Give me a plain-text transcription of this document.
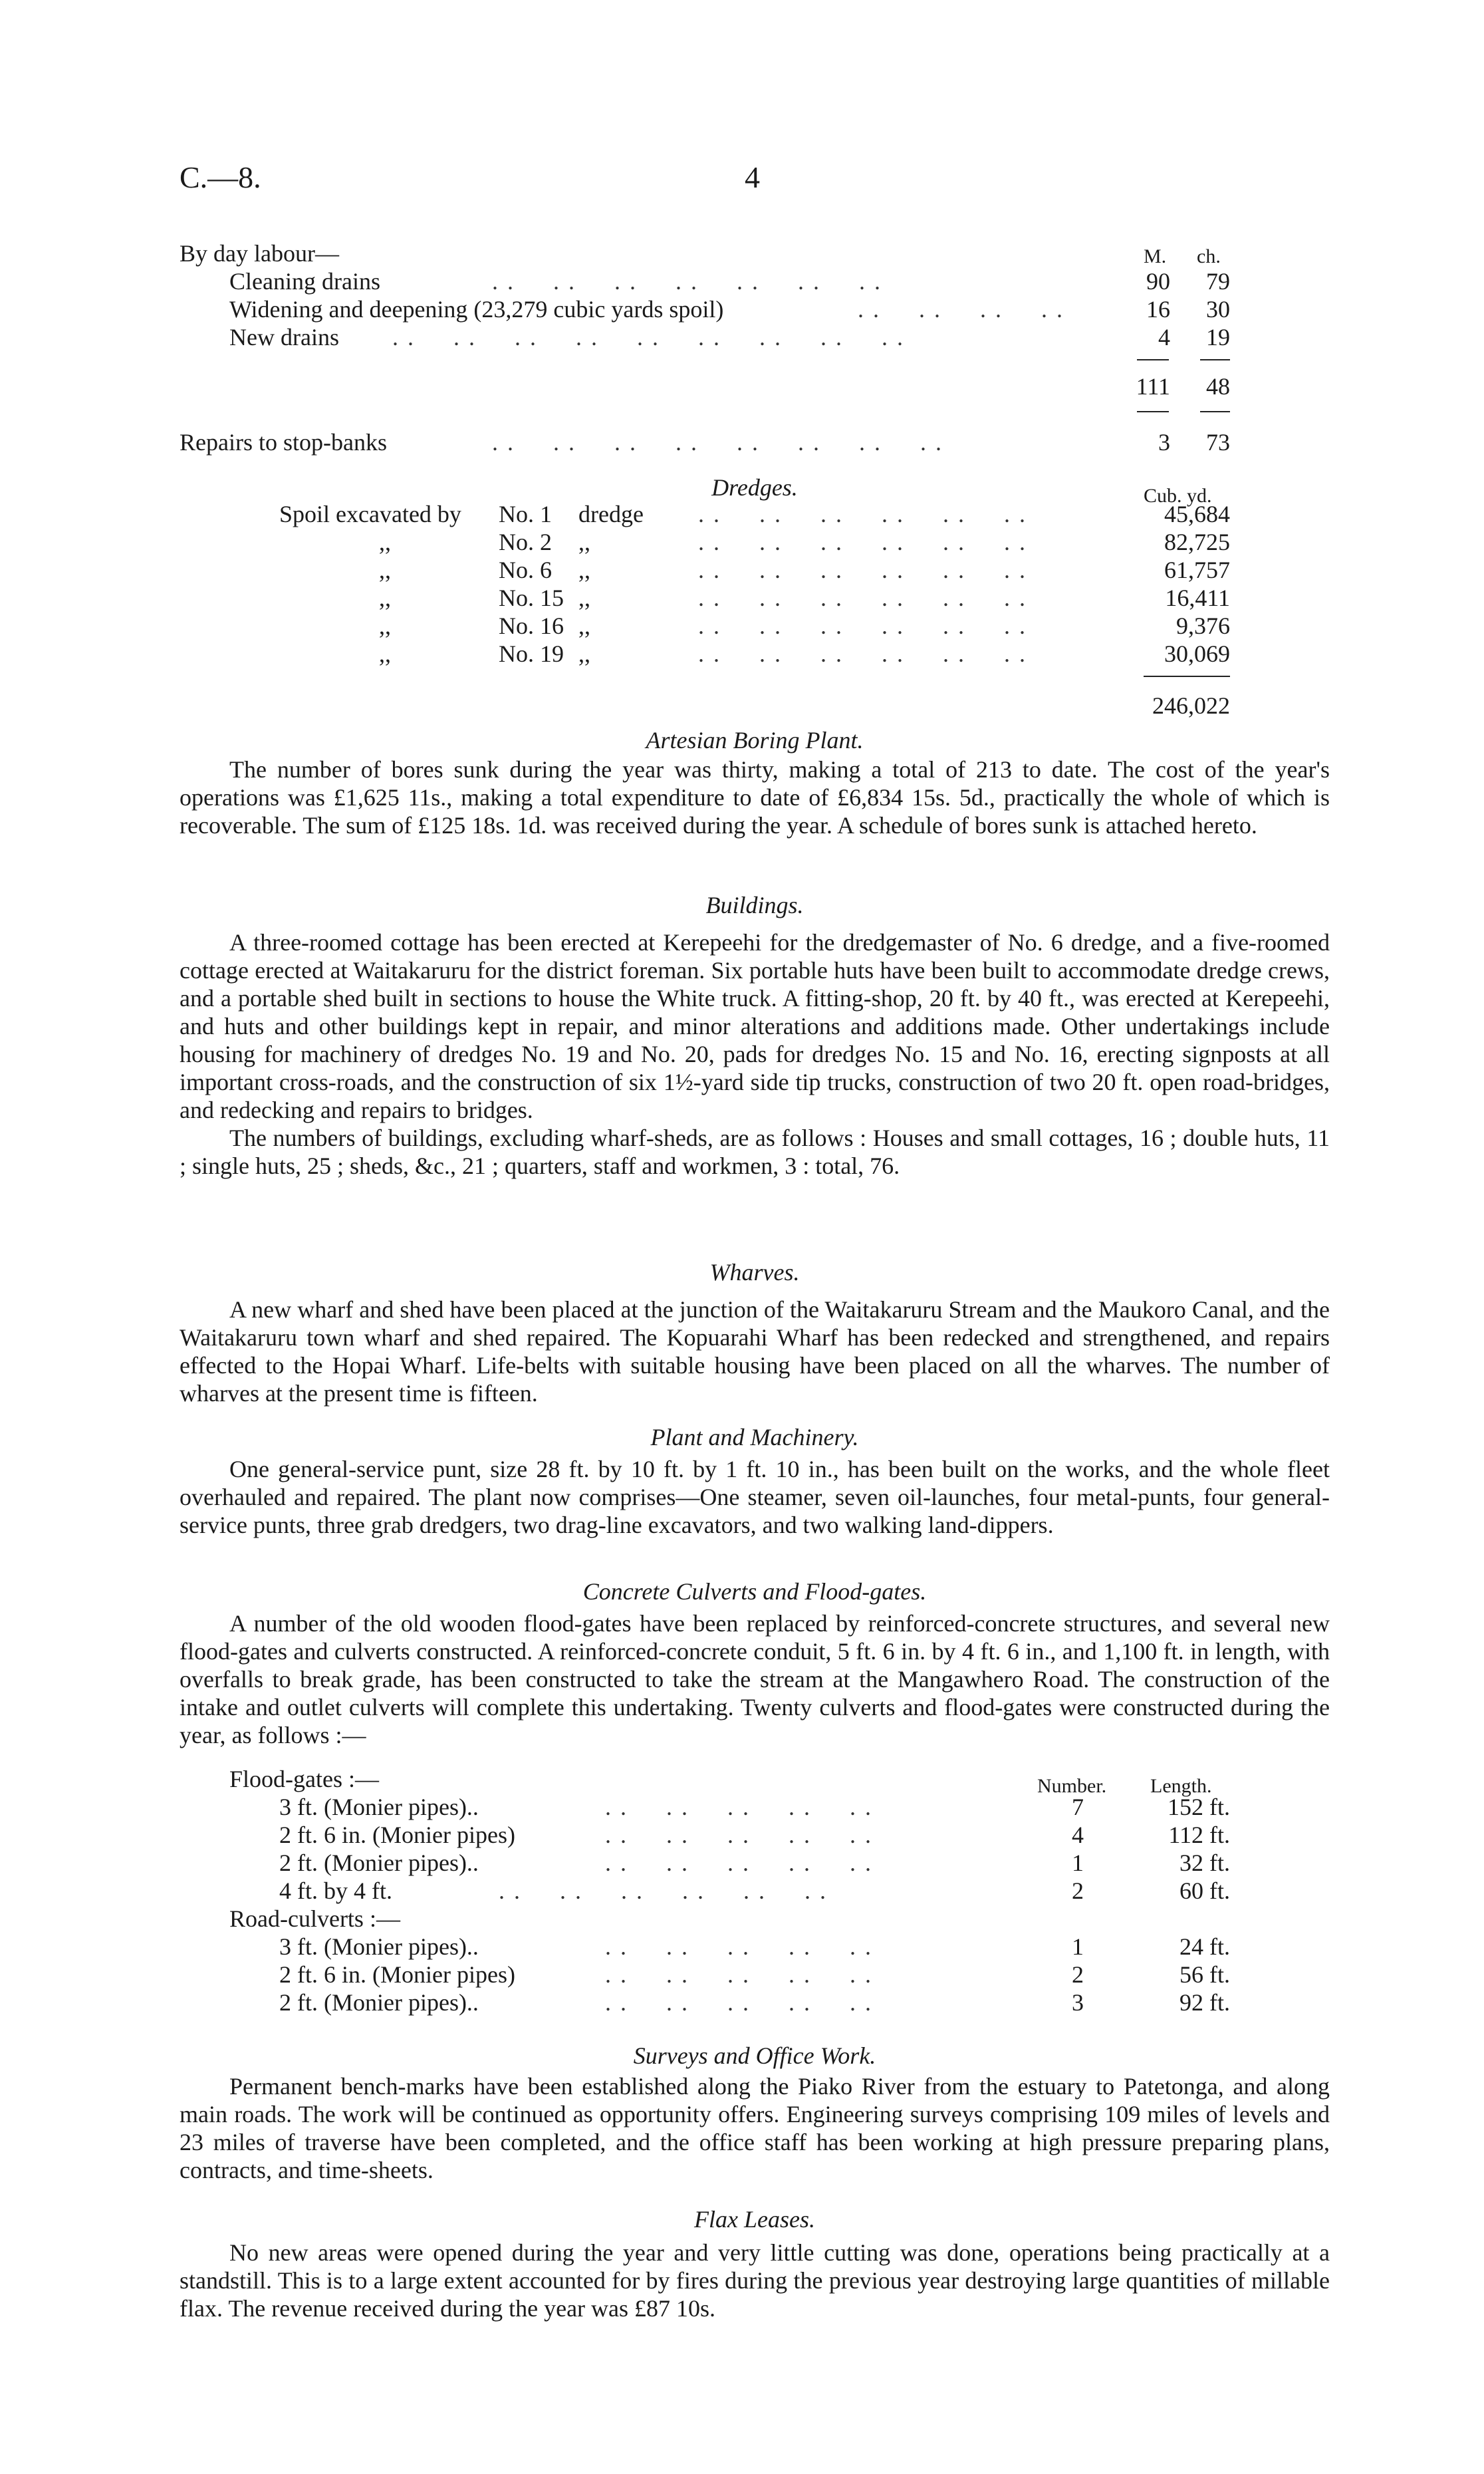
C.—8.	4
By day labour—	M. ch.
Cleaning drains	..  ..  ..  ..  ..  ..  ..	90	79
Widening and deepening (23,279 cubic yards spoil)	..  ..  ..  ..	16	30
New drains ..  ..  ..  ..  ..  ..  ..  ..  ..	4	19
111	48
Repairs to stop-banks	..  ..  ..  ..  ..  ..  ..  ..	3	73
Dredges.	Cub. yd.
Spoil excavated by No. 1 dredge ..  ..  ..  ..  ..  ..	45,684
,,	No. 2 ,,	..  ..  ..  ..  ..  ..	82,725
,,	No. 6 ,,	..  ..  ..  ..  ..  ..	61,757
,,	No. 15 ,,	..  ..  ..  ..  ..  ..	16,411
,,	No. 16 ,,	..  ..  ..  ..  ..  ..	9,376
,,	No. 19 ,,	..  ..  ..  ..  ..  ..	30,069
246,022
Artesian Boring Plant.

The number of bores sunk during the year was thirty, making a total of 213 to date. The cost of the year's operations was £1,625 11s., making a total expenditure to date of £6,834 15s. 5d., practically the whole of which is recoverable. The sum of £125 18s. 1d. was received during the year. A schedule of bores sunk is attached hereto.

Buildings.

A three-roomed cottage has been erected at Kerepeehi for the dredgemaster of No. 6 dredge, and a five-roomed cottage erected at Waitakaruru for the district foreman. Six portable huts have been built to accommodate dredge crews, and a portable shed built in sections to house the White truck. A fitting-shop, 20 ft. by 40 ft., was erected at Kerepeehi, and huts and other buildings kept in repair, and minor alterations and additions made. Other undertakings include housing for machinery of dredges No. 19 and No. 20, pads for dredges No. 15 and No. 16, erecting signposts at all important cross-roads, and the construction of six 1½-yard side tip trucks, construction of two 20 ft. open road-bridges, and redecking and repairs to bridges.

The numbers of buildings, excluding wharf-sheds, are as follows : Houses and small cottages, 16 ; double huts, 11 ; single huts, 25 ; sheds, &c., 21 ; quarters, staff and workmen, 3 : total, 76.

Wharves.

A new wharf and shed have been placed at the junction of the Waitakaruru Stream and the Maukoro Canal, and the Waitakaruru town wharf and shed repaired. The Kopuarahi Wharf has been redecked and strengthened, and repairs effected to the Hopai Wharf. Life-belts with suitable housing have been placed on all the wharves. The number of wharves at the present time is fifteen.

Plant and Machinery.

One general-service punt, size 28 ft. by 10 ft. by 1 ft. 10 in., has been built on the works, and the whole fleet overhauled and repaired. The plant now comprises—One steamer, seven oil-launches, four metal-punts, four general-service punts, three grab dredgers, two drag-line excavators, and two walking land-dippers.

Concrete Culverts and Flood-gates.

A number of the old wooden flood-gates have been replaced by reinforced-concrete structures, and several new flood-gates and culverts constructed. A reinforced-concrete conduit, 5 ft. 6 in. by 4 ft. 6 in., and 1,100 ft. in length, with overfalls to break grade, has been constructed to take the stream at the Mangawhero Road. The construction of the intake and outlet culverts will complete this undertaking. Twenty culverts and flood-gates were constructed during the year, as follows :—

Number. Length.
Flood-gates :—
3 ft. (Monier pipes)..	..  ..  ..  ..  ..	7	152 ft.
2 ft. 6 in. (Monier pipes)	..  ..  ..  ..  ..	4	112 ft.
2 ft. (Monier pipes)..	..  ..  ..  ..  ..	1	32 ft.
4 ft. by 4 ft.	..  ..  ..  ..  ..  ..	2	60 ft.
Road-culverts :—
3 ft. (Monier pipes)..	..  ..  ..  ..  ..	1	24 ft.
2 ft. 6 in. (Monier pipes)	..  ..  ..  ..  ..	2	56 ft.
2 ft. (Monier pipes)..	..  ..  ..  ..  ..	3	92 ft.
Surveys and Office Work.

Permanent bench-marks have been established along the Piako River from the estuary to Patetonga, and along main roads. The work will be continued as opportunity offers. Engineering surveys comprising 109 miles of levels and 23 miles of traverse have been completed, and the office staff has been working at high pressure preparing plans, contracts, and time-sheets.

Flax Leases.

No new areas were opened during the year and very little cutting was done, operations being practically at a standstill. This is to a large extent accounted for by fires during the previous year destroying large quantities of millable flax. The revenue received during the year was £87 10s.
